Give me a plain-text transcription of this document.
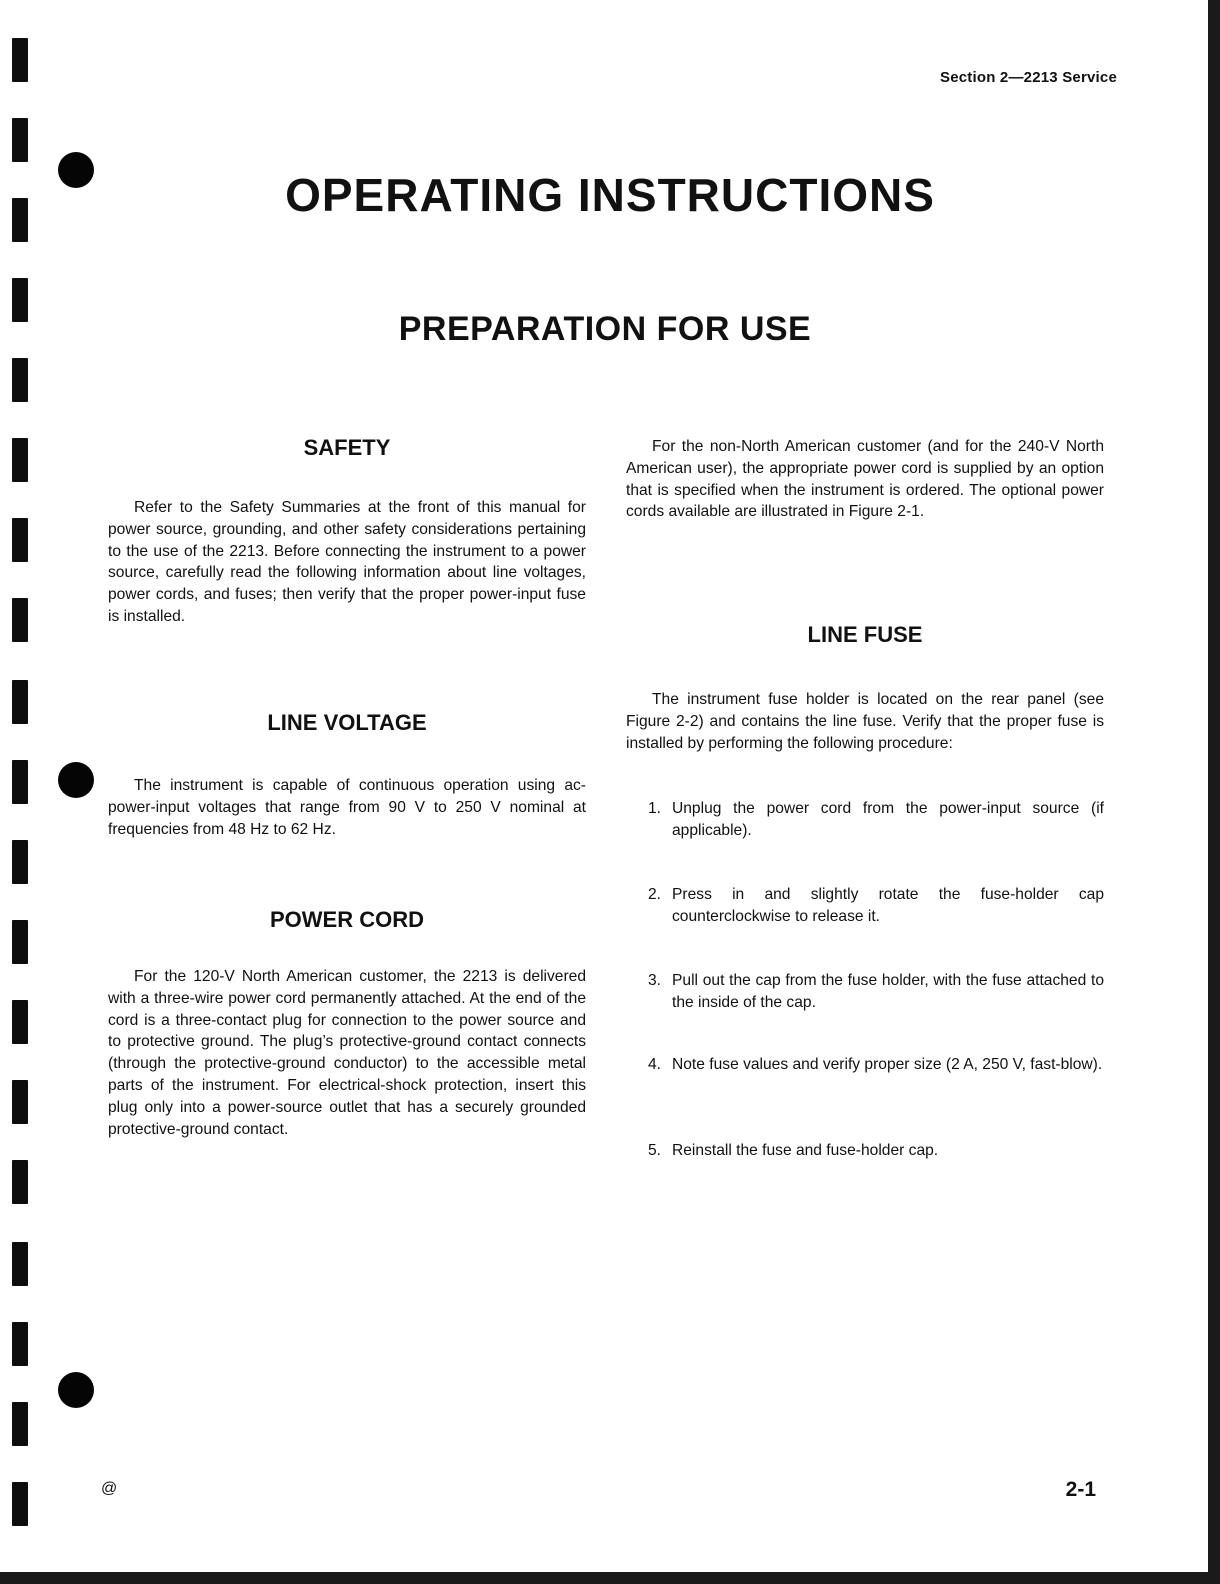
Section 2—2213 Service
OPERATING INSTRUCTIONS
PREPARATION FOR USE
SAFETY

Refer to the Safety Summaries at the front of this manual for power source, grounding, and other safety considerations pertaining to the use of the 2213. Before connecting the instrument to a power source, carefully read the following information about line voltages, power cords, and fuses; then verify that the proper power-input fuse is installed.

LINE VOLTAGE

The instrument is capable of continuous operation using ac-power-input voltages that range from 90 V to 250 V nominal at frequencies from 48 Hz to 62 Hz.

POWER CORD

For the 120-V North American customer, the 2213 is delivered with a three-wire power cord permanently attached. At the end of the cord is a three-contact plug for connection to the power source and to protective ground. The plug’s protective-ground contact connects (through the protective-ground conductor) to the accessible metal parts of the instrument. For electrical-shock protection, insert this plug only into a power-source outlet that has a securely grounded protective-ground contact.

For the non-North American customer (and for the 240-V North American user), the appropriate power cord is supplied by an option that is specified when the instrument is ordered. The optional power cords available are illustrated in Figure 2-1.

LINE FUSE

The instrument fuse holder is located on the rear panel (see Figure 2-2) and contains the line fuse. Verify that the proper fuse is installed by performing the following procedure:

1. Unplug the power cord from the power-input source (if applicable).
2. Press in and slightly rotate the fuse-holder cap counterclockwise to release it.
3. Pull out the cap from the fuse holder, with the fuse attached to the inside of the cap.
4. Note fuse values and verify proper size (2 A, 250 V, fast-blow).
5. Reinstall the fuse and fuse-holder cap.
@	2-1
